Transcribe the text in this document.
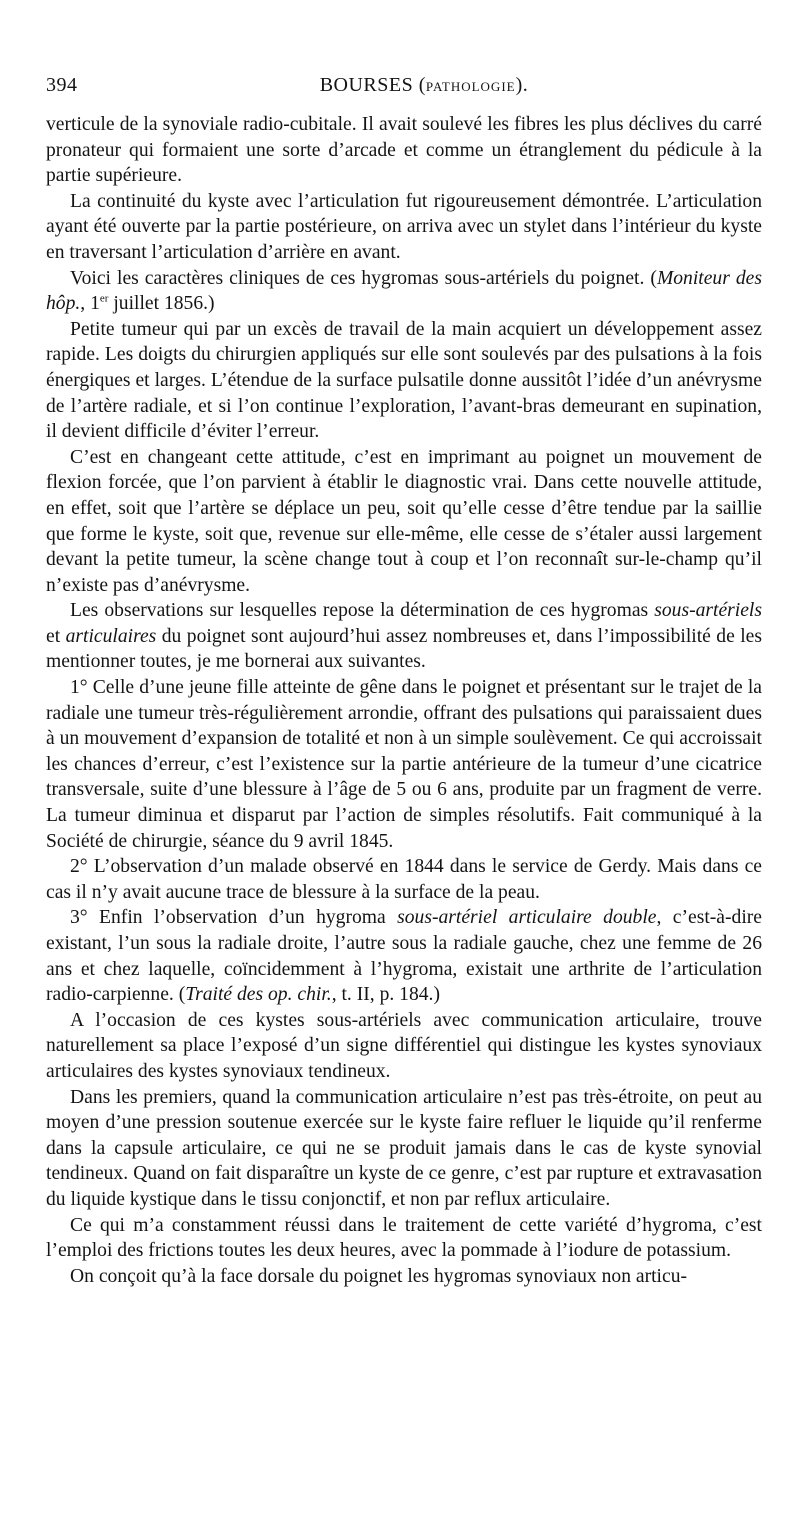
394	BOURSES (PATHOLOGIE).

verticule de la synoviale radio-cubitale. Il avait soulevé les fibres les plus déclives du carré pronateur qui formaient une sorte d’arcade et comme un étranglement du pédicule à la partie supérieure.

La continuité du kyste avec l’articulation fut rigoureusement démontrée. L’articulation ayant été ouverte par la partie postérieure, on arriva avec un stylet dans l’intérieur du kyste en traversant l’articulation d’arrière en avant.

Voici les caractères cliniques de ces hygromas sous-artériels du poignet. (Moniteur des hôp., 1er juillet 1856.)

Petite tumeur qui par un excès de travail de la main acquiert un développement assez rapide. Les doigts du chirurgien appliqués sur elle sont soulevés par des pulsations à la fois énergiques et larges. L’étendue de la surface pulsatile donne aussitôt l’idée d’un anévrysme de l’artère radiale, et si l’on continue l’exploration, l’avant-bras demeurant en supination, il devient difficile d’éviter l’erreur.

C’est en changeant cette attitude, c’est en imprimant au poignet un mouvement de flexion forcée, que l’on parvient à établir le diagnostic vrai. Dans cette nouvelle attitude, en effet, soit que l’artère se déplace un peu, soit qu’elle cesse d’être tendue par la saillie que forme le kyste, soit que, revenue sur elle-même, elle cesse de s’étaler aussi largement devant la petite tumeur, la scène change tout à coup et l’on reconnaît sur-le-champ qu’il n’existe pas d’anévrysme.

Les observations sur lesquelles repose la détermination de ces hygromas sous-artériels et articulaires du poignet sont aujourd’hui assez nombreuses et, dans l’impossibilité de les mentionner toutes, je me bornerai aux suivantes.

1° Celle d’une jeune fille atteinte de gêne dans le poignet et présentant sur le trajet de la radiale une tumeur très-régulièrement arrondie, offrant des pulsations qui paraissaient dues à un mouvement d’expansion de totalité et non à un simple soulèvement. Ce qui accroissait les chances d’erreur, c’est l’existence sur la partie antérieure de la tumeur d’une cicatrice transversale, suite d’une blessure à l’âge de 5 ou 6 ans, produite par un fragment de verre. La tumeur diminua et disparut par l’action de simples résolutifs. Fait communiqué à la Société de chirurgie, séance du 9 avril 1845.

2° L’observation d’un malade observé en 1844 dans le service de Gerdy. Mais dans ce cas il n’y avait aucune trace de blessure à la surface de la peau.

3° Enfin l’observation d’un hygroma sous-artériel articulaire double, c’est-à-dire existant, l’un sous la radiale droite, l’autre sous la radiale gauche, chez une femme de 26 ans et chez laquelle, coïncidemment à l’hygroma, existait une arthrite de l’articulation radio-carpienne. (Traité des op. chir., t. II, p. 184.)

A l’occasion de ces kystes sous-artériels avec communication articulaire, trouve naturellement sa place l’exposé d’un signe différentiel qui distingue les kystes synoviaux articulaires des kystes synoviaux tendineux.

Dans les premiers, quand la communication articulaire n’est pas très-étroite, on peut au moyen d’une pression soutenue exercée sur le kyste faire refluer le liquide qu’il renferme dans la capsule articulaire, ce qui ne se produit jamais dans le cas de kyste synovial tendineux. Quand on fait disparaître un kyste de ce genre, c’est par rupture et extravasation du liquide kystique dans le tissu conjonctif, et non par reflux articulaire.

Ce qui m’a constamment réussi dans le traitement de cette variété d’hygroma, c’est l’emploi des frictions toutes les deux heures, avec la pommade à l’iodure de potassium.

On conçoit qu’à la face dorsale du poignet les hygromas synoviaux non articu-
